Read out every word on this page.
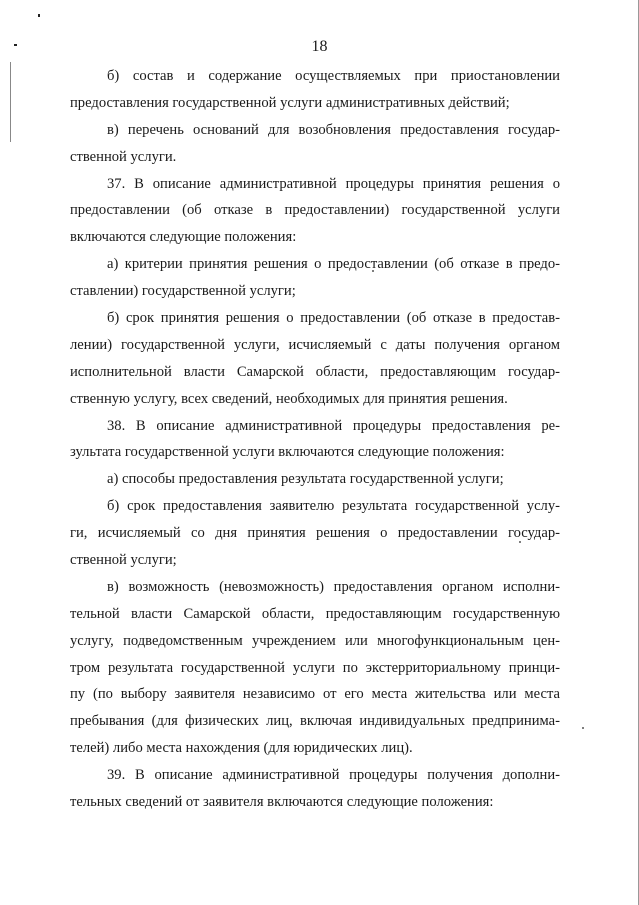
18
б) состав и содержание осуществляемых при приостановлении
предоставления государственной услуги административных действий;
в) перечень оснований для возобновления предоставления государ-
ственной услуги.
37. В описание административной процедуры принятия решения о
предоставлении (об отказе в предоставлении) государственной услуги
включаются следующие положения:
а) критерии принятия решения о предоставлении (об отказе в предо-
ставлении) государственной услуги;
б) срок принятия решения о предоставлении (об отказе в предостав-
лении) государственной услуги, исчисляемый с даты получения органом
исполнительной власти Самарской области, предоставляющим государ-
ственную услугу, всех сведений, необходимых для принятия решения.
38. В описание административной процедуры предоставления ре-
зультата государственной услуги включаются следующие положения:
а) способы предоставления результата государственной услуги;
б) срок предоставления заявителю результата государственной услу-
ги, исчисляемый со дня принятия решения о предоставлении государ-
ственной услуги;
в) возможность (невозможность) предоставления органом исполни-
тельной власти Самарской области, предоставляющим государственную
услугу, подведомственным учреждением или многофункциональным цен-
тром результата государственной услуги по экстерриториальному принци-
пу (по выбору заявителя независимо от его места жительства или места
пребывания (для физических лиц, включая индивидуальных предпринима-
телей) либо места нахождения (для юридических лиц).
39. В описание административной процедуры получения дополни-
тельных сведений от заявителя включаются следующие положения:
